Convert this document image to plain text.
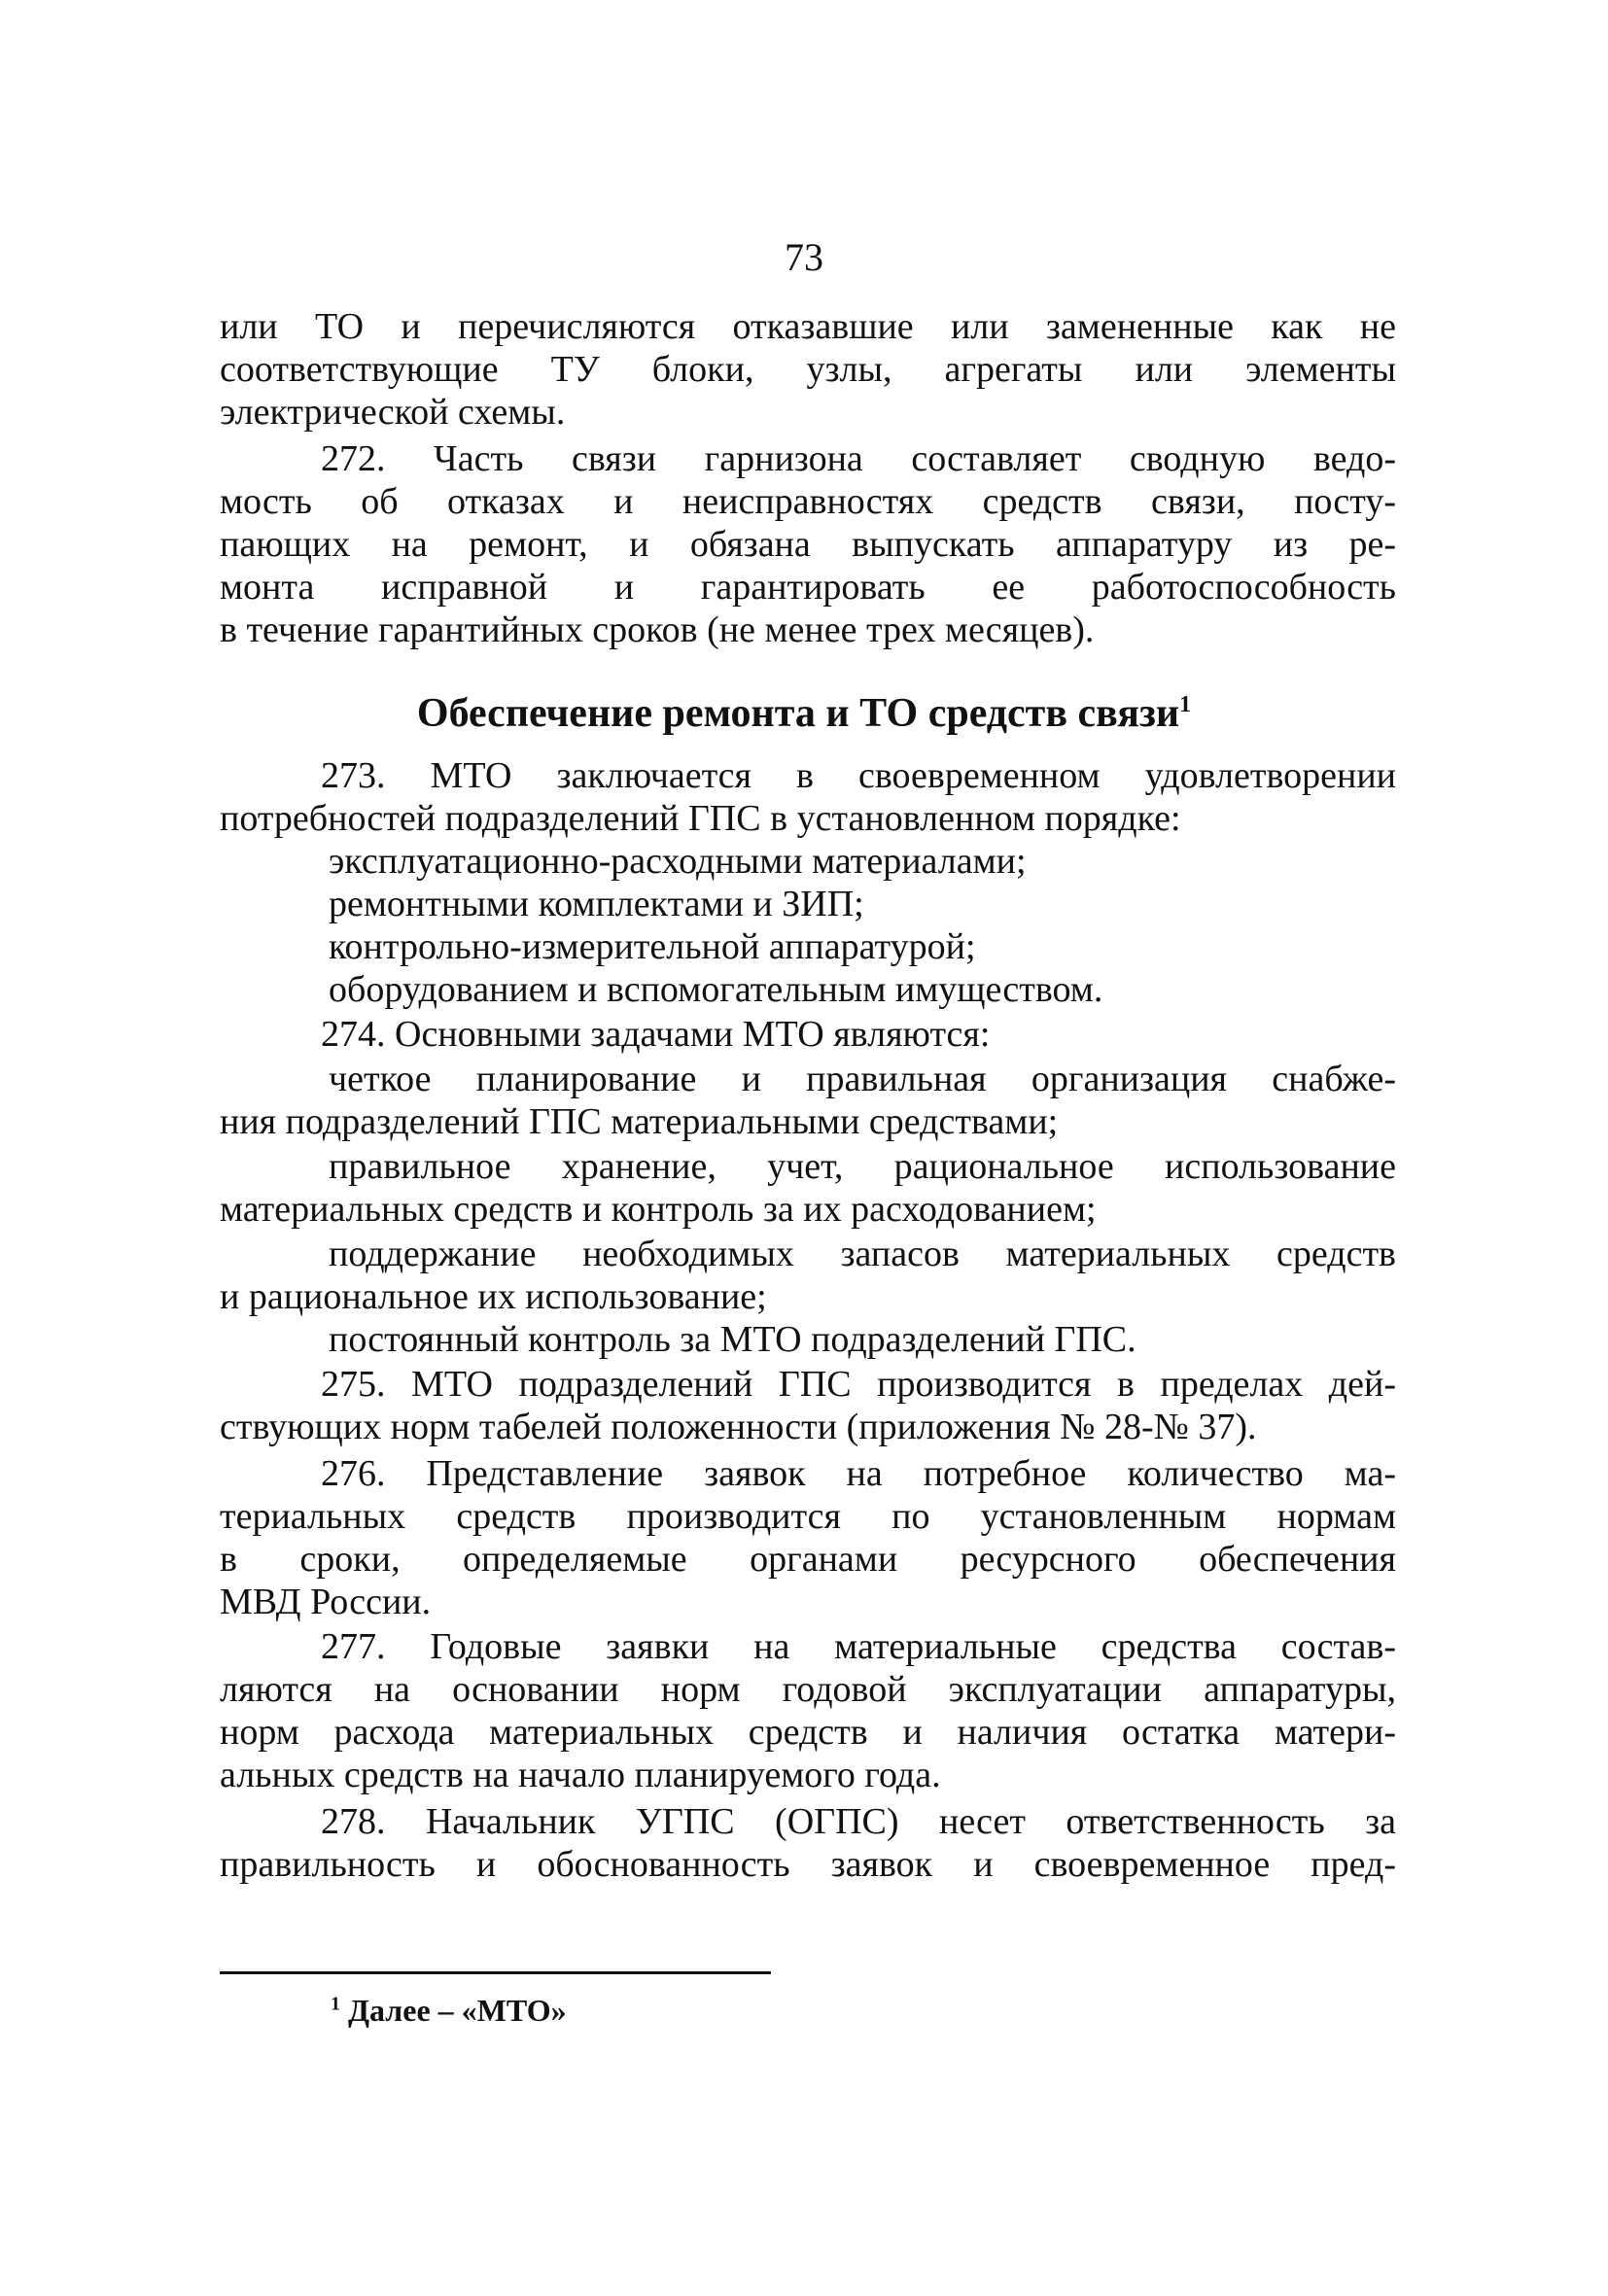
73
или ТО и перечисляются отказавшие или замененные как не
соответствующие ТУ блоки, узлы, агрегаты или элементы
электрической схемы.
272. Часть связи гарнизона составляет сводную ведо-
мость об отказах и неисправностях средств связи, посту-
пающих на ремонт, и обязана выпускать аппаратуру из ре-
монта исправной и гарантировать ее работоспособность
в течение гарантийных сроков (не менее трех месяцев).
Обеспечение ремонта и ТО средств связи$^1$
273. МТО заключается в своевременном удовлетворении
потребностей подразделений ГПС в установленном порядке:
эксплуатационно-расходными материалами;
ремонтными комплектами и ЗИП;
контрольно-измерительной аппаратурой;
оборудованием и вспомогательным имуществом.
274. Основными задачами МТО являются:
четкое планирование и правильная организация снабже-
ния подразделений ГПС материальными средствами;
правильное хранение, учет, рациональное использование
материальных средств и контроль за их расходованием;
поддержание необходимых запасов материальных средств
и рациональное их использование;
постоянный контроль за МТО подразделений ГПС.
275. МТО подразделений ГПС производится в пределах дей-
ствующих норм табелей положенности (приложения № 28-№ 37).
276. Представление заявок на потребное количество ма-
териальных средств производится по установленным нормам
в сроки, определяемые органами ресурсного обеспечения
МВД России.
277. Годовые заявки на материальные средства состав-
ляются на основании норм годовой эксплуатации аппаратуры,
норм расхода материальных средств и наличия остатка матери-
альных средств на начало планируемого года.
278. Начальник УГПС (ОГПС) несет ответственность за
правильность и обоснованность заявок и своевременное пред-
$^1$ Далее – «МТО»
